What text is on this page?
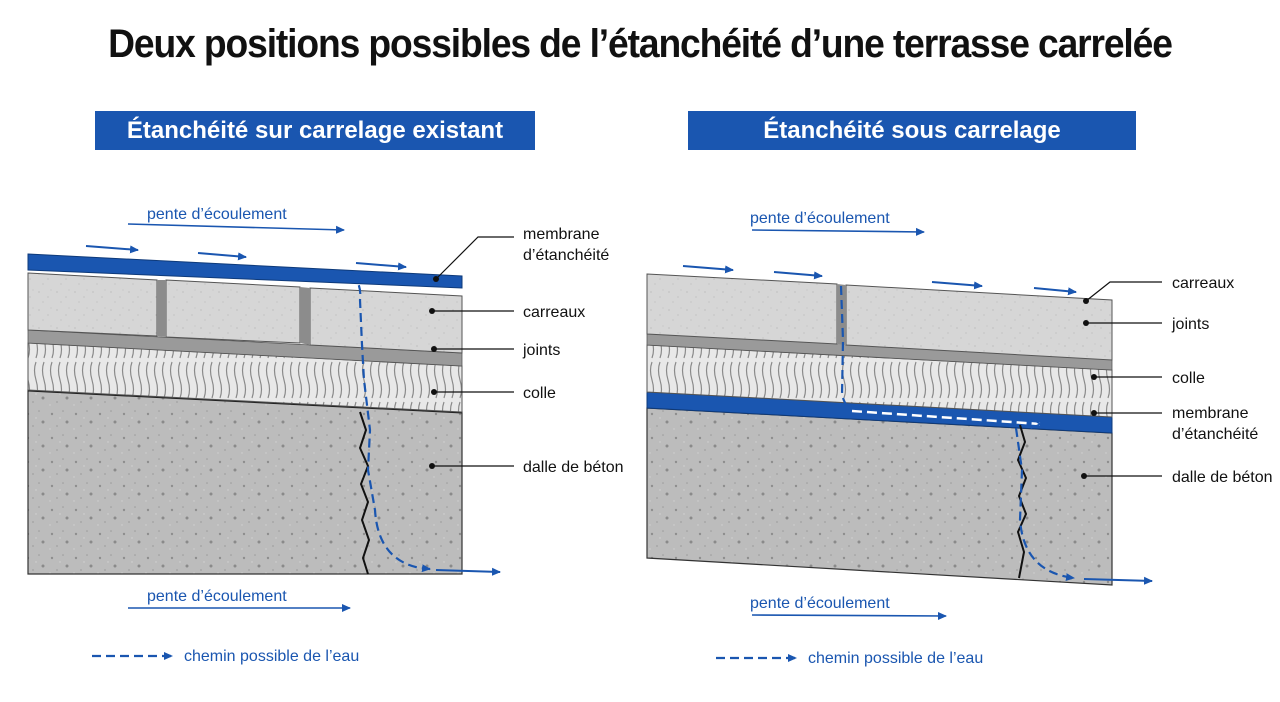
Deux positions possibles de l’étanchéité d’une terrasse carrelée
Étanchéité sur carrelage existant	Étanchéité sous carrelage
pente d’écoulement
pente d’écoulement
chemin possible de l’eau
membrane
d’étanchéité
carreaux
joints
colle
dalle de béton
pente d’écoulement
pente d’écoulement
chemin possible de l’eau
carreaux
joints
colle
membrane
d’étanchéité
dalle de béton
